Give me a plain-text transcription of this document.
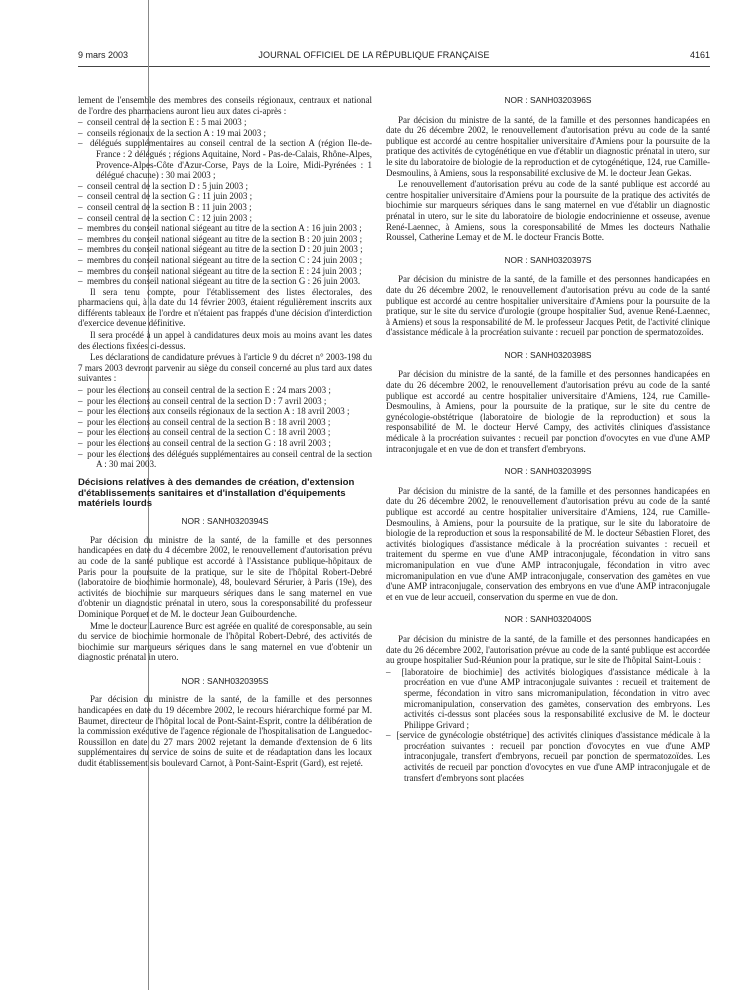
9 mars 2003	JOURNAL OFFICIEL DE LA RÉPUBLIQUE FRANÇAISE	4161

lement de l'ensemble des membres des conseils régionaux, centraux et national de l'ordre des pharmaciens auront lieu aux dates ci-après :

–  conseil central de la section E : 5 mai 2003 ;
–  conseils régionaux de la section A : 19 mai 2003 ;
–  délégués supplémentaires au conseil central de la section A (région Ile-de-France : 2 délégués ; régions Aquitaine, Nord - Pas-de-Calais, Rhône-Alpes, Provence-Alpes-Côte d'Azur-Corse, Pays de la Loire, Midi-Pyrénées : 1 délégué chacune) : 30 mai 2003 ;
–  conseil central de la section D : 5 juin 2003 ;
–  conseil central de la section G : 11 juin 2003 ;
–  conseil central de la section B : 11 juin 2003 ;
–  conseil central de la section C : 12 juin 2003 ;
–  membres du conseil national siégeant au titre de la section A : 16 juin 2003 ;
–  membres du conseil national siégeant au titre de la section B : 20 juin 2003 ;
–  membres du conseil national siégeant au titre de la section D : 20 juin 2003 ;
–  membres du conseil national siégeant au titre de la section C : 24 juin 2003 ;
–  membres du conseil national siégeant au titre de la section E : 24 juin 2003 ;
–  membres du conseil national siégeant au titre de la section G : 26 juin 2003.

Il sera tenu compte, pour l'établissement des listes électorales, des pharmaciens qui, à la date du 14 février 2003, étaient régulièrement inscrits aux différents tableaux de l'ordre et n'étaient pas frappés d'une décision d'interdiction d'exercice devenue définitive.

Il sera procédé à un appel à candidatures deux mois au moins avant les dates des élections fixées ci-dessus.

Les déclarations de candidature prévues à l'article 9 du décret n° 2003-198 du 7 mars 2003 devront parvenir au siège du conseil concerné au plus tard aux dates suivantes :

–  pour les élections au conseil central de la section E : 24 mars 2003 ;
–  pour les élections au conseil central de la section D : 7 avril 2003 ;
–  pour les élections aux conseils régionaux de la section A : 18 avril 2003 ;
–  pour les élections au conseil central de la section B : 18 avril 2003 ;
–  pour les élections au conseil central de la section C : 18 avril 2003 ;
–  pour les élections au conseil central de la section G : 18 avril 2003 ;
–  pour les élections des délégués supplémentaires au conseil central de la section A : 30 mai 2003.
Décisions relatives à des demandes de création, d'extension d'établissements sanitaires et d'installation d'équipements matériels lourds
NOR : SANH0320394S

Par décision du ministre de la santé, de la famille et des personnes handicapées en date du 4 décembre 2002, le renouvellement d'autorisation prévu au code de la santé publique est accordé à l'Assistance publique-hôpitaux de Paris pour la poursuite de la pratique, sur le site de l'hôpital Robert-Debré (laboratoire de biochimie hormonale), 48, boulevard Sérurier, à Paris (19e), des activités de biochimie sur marqueurs sériques dans le sang maternel en vue d'obtenir un diagnostic prénatal in utero, sous la coresponsabilité du professeur Dominique Porquet et de M. le docteur Jean Guibourdenche.

Mme le docteur Laurence Burc est agréée en qualité de coresponsable, au sein du service de biochimie hormonale de l'hôpital Robert-Debré, des activités de biochimie sur marqueurs sériques dans le sang maternel en vue d'obtenir un diagnostic prénatal in utero.

NOR : SANH0320395S

Par décision du ministre de la santé, de la famille et des personnes handicapées en date du 19 décembre 2002, le recours hiérarchique formé par M. Baumet, directeur de l'hôpital local de Pont-Saint-Esprit, contre la délibération de la commission exécutive de l'agence régionale de l'hospitalisation de Languedoc-Roussillon en date du 27 mars 2002 rejetant la demande d'extension de 6 lits supplémentaires du service de soins de suite et de réadaptation dans les locaux dudit établissement sis boulevard Carnot, à Pont-Saint-Esprit (Gard), est rejeté.

NOR : SANH0320396S

Par décision du ministre de la santé, de la famille et des personnes handicapées en date du 26 décembre 2002, le renouvellement d'autorisation prévu au code de la santé publique est accordé au centre hospitalier universitaire d'Amiens pour la poursuite de la pratique des activités de cytogénétique en vue d'établir un diagnostic prénatal in utero, sur le site du laboratoire de biologie de la reproduction et de cytogénétique, 124, rue Camille-Desmoulins, à Amiens, sous la responsabilité exclusive de M. le docteur Jean Gekas.

Le renouvellement d'autorisation prévu au code de la santé publique est accordé au centre hospitalier universitaire d'Amiens pour la poursuite de la pratique des activités de biochimie sur marqueurs sériques dans le sang maternel en vue d'établir un diagnostic prénatal in utero, sur le site du laboratoire de biologie endocrinienne et osseuse, avenue René-Laennec, à Amiens, sous la coresponsabilité de Mmes les docteurs Nathalie Roussel, Catherine Lemay et de M. le docteur Francis Botte.

NOR : SANH0320397S

Par décision du ministre de la santé, de la famille et des personnes handicapées en date du 26 décembre 2002, le renouvellement d'autorisation prévu au code de la santé publique est accordé au centre hospitalier universitaire d'Amiens pour la poursuite de la pratique, sur le site du service d'urologie (groupe hospitalier Sud, avenue René-Laennec, à Amiens) et sous la responsabilité de M. le professeur Jacques Petit, de l'activité clinique d'assistance médicale à la procréation suivante : recueil par ponction de spermatozoïdes.

NOR : SANH0320398S

Par décision du ministre de la santé, de la famille et des personnes handicapées en date du 26 décembre 2002, le renouvellement d'autorisation prévu au code de la santé publique est accordé au centre hospitalier universitaire d'Amiens, 124, rue Camille-Desmoulins, à Amiens, pour la poursuite de la pratique, sur le site du centre de gynécologie-obstétrique (laboratoire de biologie de la reproduction) et sous la responsabilité de M. le docteur Hervé Campy, des activités cliniques d'assistance médicale à la procréation suivantes : recueil par ponction d'ovocytes en vue d'une AMP intraconjugale et en vue de don et transfert d'embryons.

NOR : SANH0320399S

Par décision du ministre de la santé, de la famille et des personnes handicapées en date du 26 décembre 2002, le renouvellement d'autorisation prévu au code de la santé publique est accordé au centre hospitalier universitaire d'Amiens, 124, rue Camille-Desmoulins, à Amiens, pour la poursuite de la pratique, sur le site du laboratoire de biologie de la reproduction et sous la responsabilité de M. le docteur Sébastien Floret, des activités biologiques d'assistance médicale à la procréation suivantes : recueil et traitement du sperme en vue d'une AMP intraconjugale, fécondation in vitro sans micromanipulation en vue d'une AMP intraconjugale, fécondation in vitro avec micromanipulation en vue d'une AMP intraconjugale, conservation des gamètes en vue d'une AMP intraconjugale, conservation des embryons en vue d'une AMP intraconjugale et en vue de leur accueil, conservation du sperme en vue de don.

NOR : SANH0320400S

Par décision du ministre de la santé, de la famille et des personnes handicapées en date du 26 décembre 2002, l'autorisation prévue au code de la santé publique est accordée au groupe hospitalier Sud-Réunion pour la pratique, sur le site de l'hôpital Saint-Louis :

–  [laboratoire de biochimie] des activités biologiques d'assistance médicale à la procréation en vue d'une AMP intraconjugale suivantes : recueil et traitement de sperme, fécondation in vitro sans micromanipulation, fécondation in vitro avec micromanipulation, conservation des gamètes, conservation des embryons. Les activités ci-dessus sont placées sous la responsabilité exclusive de M. le docteur Philippe Grivard ;
–  [service de gynécologie obstétrique] des activités cliniques d'assistance médicale à la procréation suivantes : recueil par ponction d'ovocytes en vue d'une AMP intraconjugale, transfert d'embryons, recueil par ponction de spermatozoïdes. Les activités de recueil par ponction d'ovocytes en vue d'une AMP intraconjugale et de transfert d'embryons sont placées
